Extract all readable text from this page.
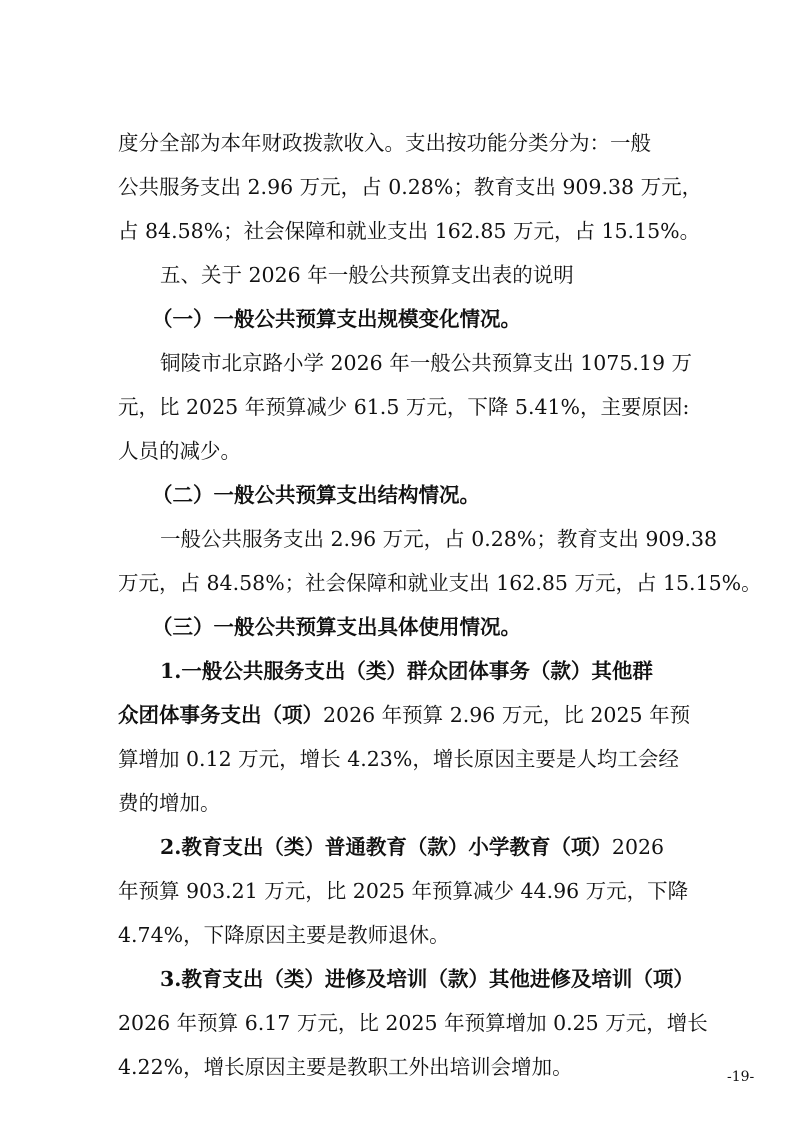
度分全部为本年财政拨款收入。支出按功能分类分为：一般
公共服务支出 2.96 万元，占 0.28%；教育支出 909.38 万元，
占 84.58%；社会保障和就业支出 162.85 万元，占 15.15%。
五、关于 2026 年一般公共预算支出表的说明
（一）一般公共预算支出规模变化情况。
铜陵市北京路小学 2026 年一般公共预算支出 1075.19 万
元，比 2025 年预算减少 61.5 万元，下降 5.41%，主要原因:
人员的减少。
（二）一般公共预算支出结构情况。
一般公共服务支出 2.96 万元，占 0.28%；教育支出 909.38
万元，占 84.58%；社会保障和就业支出 162.85 万元，占 15.15%。
（三）一般公共预算支出具体使用情况。
1.一般公共服务支出（类）群众团体事务（款）其他群
众团体事务支出（项）2026 年预算 2.96 万元，比 2025 年预
算增加 0.12 万元，增长 4.23%，增长原因主要是人均工会经
费的增加。
2.教育支出（类）普通教育（款）小学教育（项）2026
年预算 903.21 万元，比 2025 年预算减少 44.96 万元，下降
4.74%，下降原因主要是教师退休。
3.教育支出（类）进修及培训（款）其他进修及培训（项）
2026 年预算 6.17 万元，比 2025 年预算增加 0.25 万元，增长
4.22%，增长原因主要是教职工外出培训会增加。	-19-
